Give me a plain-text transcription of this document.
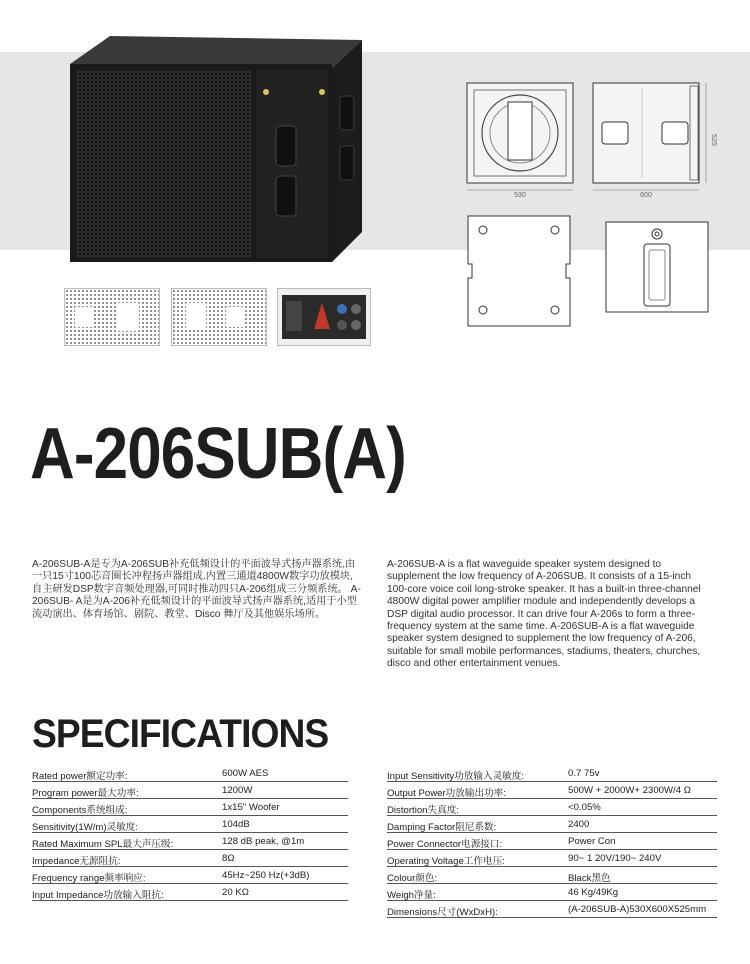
530
525
600
A-206SUB(A)
A-206SUB-A是专为A-206SUB补充低频设计的平面波导式扬声器系统,由一只15寸100芯音圈长冲程扬声器组成.内置三通道4800W数字功放模块,自主研发DSP数字音频处理器,可同时推动四只A-206组成三分频系统。 A-206SUB- A是为A-206补充低频设计的平面波导式扬声器系统,适用于小型流动演出、体育场馆、剧院、教堂、Disco 舞厅及其他娱乐场所。
A-206SUB-A is a flat waveguide speaker system designed to supplement the low frequency of A-206SUB. It consists of a 15-inch 100-core voice coil long-stroke speaker. It has a built-in three-channel 4800W digital power amplifier module and independently develops a DSP digital audio processor. It can drive four A-206s to form a three-frequency system at the same time. A-206SUB-A is a flat waveguide speaker system designed to supplement the low frequency of A-206, suitable for small mobile performances, stadiums, theaters, churches, disco and other entertainment venues.
SPECIFICATIONS
Rated power额定功率:	600W AES
Program power最大功率:	1200W
Components系统组成:	1x15" Woofer
Sensitivity(1W/m)灵敏度:	104dB
Rated Maximum SPL最大声压级:	128 dB peak, @1m
Impedance无源阻抗:	8Ω
Frequency range频率响应:	45Hz~250 Hz(+3dB)
Input Impedance功放输入阻抗:	20 KΩ
Input Sensitivity功放输入灵敏度:	0.7 75v
Output Power功放输出功率:	500W + 2000W+ 2300W/4 Ω
Distortion失真度:	<0.05%
Damping Factor阻尼系数:	2400
Power Connector电源接口:	Power Con
Operating Voltage工作电压:	90~ 1 20V/190~ 240V
Colour颜色:	Black黑色
Weigh净量:	46 Kg/49Kg
Dimensions尺寸(WxDxH):	(A-206SUB-A)530X600X525mm
